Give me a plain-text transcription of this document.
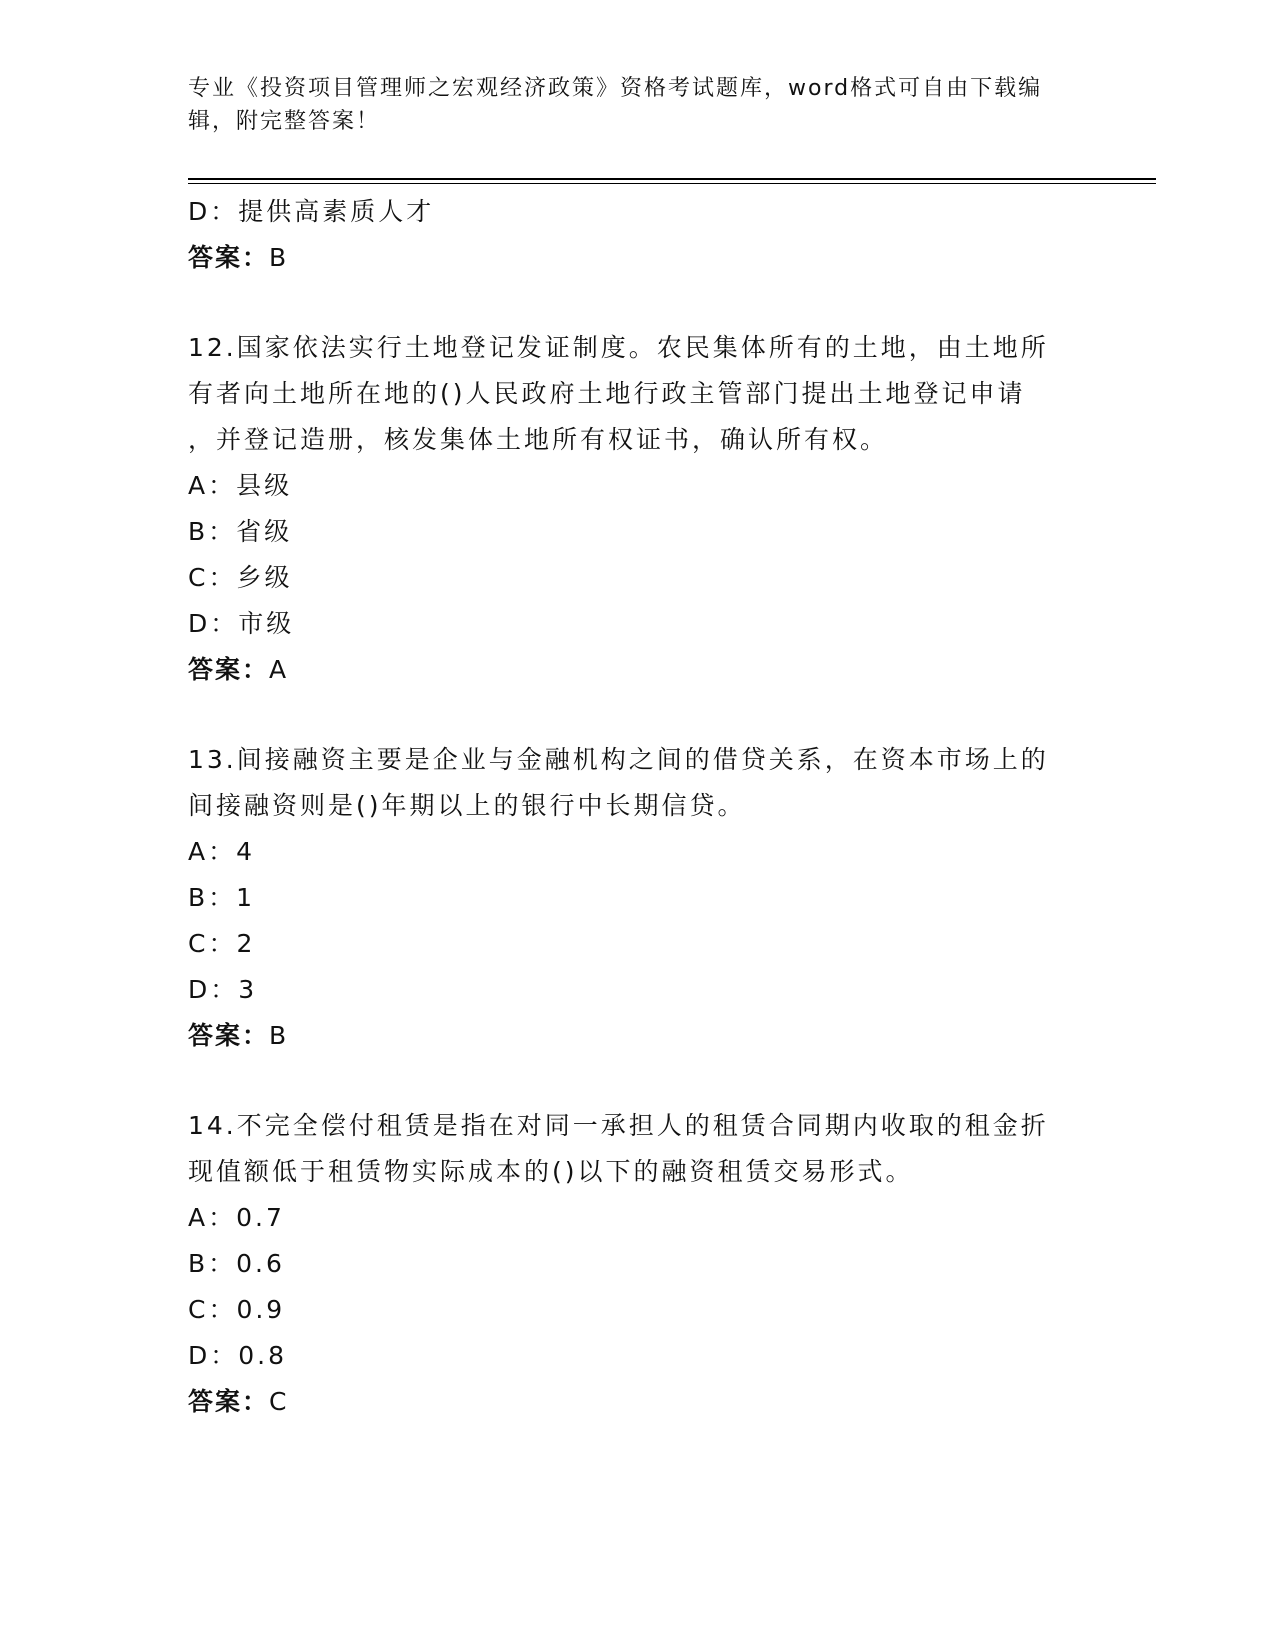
专业《投资项目管理师之宏观经济政策》资格考试题库，word格式可自由下载编辑，附完整答案！
D：提供高素质人才
答案：B
12.国家依法实行土地登记发证制度。农民集体所有的土地，由土地所
有者向土地所在地的()人民政府土地行政主管部门提出土地登记申请
，并登记造册，核发集体土地所有权证书，确认所有权。
A：县级
B：省级
C：乡级
D：市级
答案：A
13.间接融资主要是企业与金融机构之间的借贷关系，在资本市场上的
间接融资则是()年期以上的银行中长期信贷。
A：4
B：1
C：2
D：3
答案：B
14.不完全偿付租赁是指在对同一承担人的租赁合同期内收取的租金折
现值额低于租赁物实际成本的()以下的融资租赁交易形式。
A：0.7
B：0.6
C：0.9
D：0.8
答案：C
